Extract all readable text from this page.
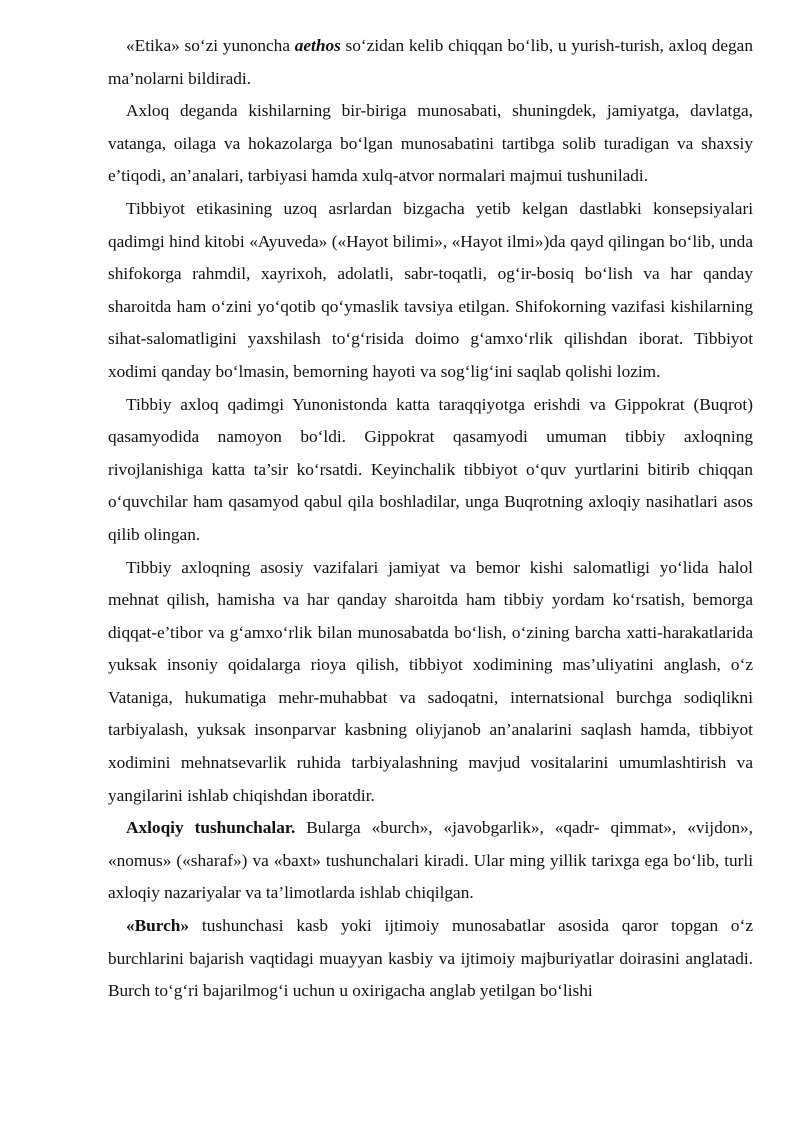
«Etika» so‘zi yunoncha aethos so‘zidan kelib chiqqan bo‘lib, u yurish-turish, axloq degan ma’nolarni bildiradi.

Axloq deganda kishilarning bir-biriga munosabati, shuningdek, jamiyatga, davlatga, vatanga, oilaga va hokazolarga bo‘lgan munosabatini tartibga solib turadigan va shaxsiy e’tiqodi, an’analari, tarbiyasi hamda xulq-atvor normalari majmui tushuniladi.

Tibbiyot etikasining uzoq asrlardan bizgacha yetib kelgan dastlabki konsepsiyalari qadimgi hind kitobi «Ayuveda» («Hayot bilimi», «Hayot ilmi»)da qayd qilingan bo‘lib, unda shifokorga rahmdil, xayrixoh, adolatli, sabr-toqatli, og‘ir-bosiq bo‘lish va har qanday sharoitda ham o‘zini yo‘qotib qo‘ymaslik tavsiya etilgan. Shifokorning vazifasi kishilarning sihat-salomatligini yaxshilash to‘g‘risida doimo g‘amxo‘rlik qilishdan iborat. Tibbiyot xodimi qanday bo‘lmasin, bemorning hayoti va sog‘lig‘ini saqlab qolishi lozim.

Tibbiy axloq qadimgi Yunonistonda katta taraqqiyotga erishdi va Gippokrat (Buqrot) qasamyodida namoyon bo‘ldi. Gippokrat qasamyodi umuman tibbiy axloqning rivojlanishiga katta ta’sir ko‘rsatdi. Keyinchalik tibbiyot o‘quv yurtlarini bitirib chiqqan o‘quvchilar ham qasamyod qabul qila boshladilar, unga Buqrotning axloqiy nasihatlari asos qilib olingan.

Tibbiy axloqning asosiy vazifalari jamiyat va bemor kishi salomatligi yo‘lida halol mehnat qilish, hamisha va har qanday sharoitda ham tibbiy yordam ko‘rsatish, bemorga diqqat-e’tibor va g‘amxo‘rlik bilan munosabatda bo‘lish, o‘zining barcha xatti-harakatlarida yuksak insoniy qoidalarga rioya qilish, tibbiyot xodimining mas’uliyatini anglash, o‘z Vataniga, hukumatiga mehr-muhabbat va sadoqatni, internatsional burchga sodiqlikni tarbiyalash, yuksak insonparvar kasbning oliyjanob an’analarini saqlash hamda, tibbiyot xodimini mehnatsevarlik ruhida tarbiyalashning mavjud vositalarini umumlashtirish va yangilarini ishlab chiqishdan iboratdir.

Axloqiy tushunchalar. Bularga «burch», «javobgarlik», «qadr- qimmat», «vijdon», «nomus» («sharaf») va «baxt» tushunchalari kiradi. Ular ming yillik tarixga ega bo‘lib, turli axloqiy nazariyalar va ta’limotlarda ishlab chiqilgan.

«Burch» tushunchasi kasb yoki ijtimoiy munosabatlar asosida qaror topgan o‘z burchlarini bajarish vaqtidagi muayyan kasbiy va ijtimoiy majburiyatlar doirasini anglatadi. Burch to‘g‘ri bajarilmog‘i uchun u oxirigacha anglab yetilgan bo‘lishi
